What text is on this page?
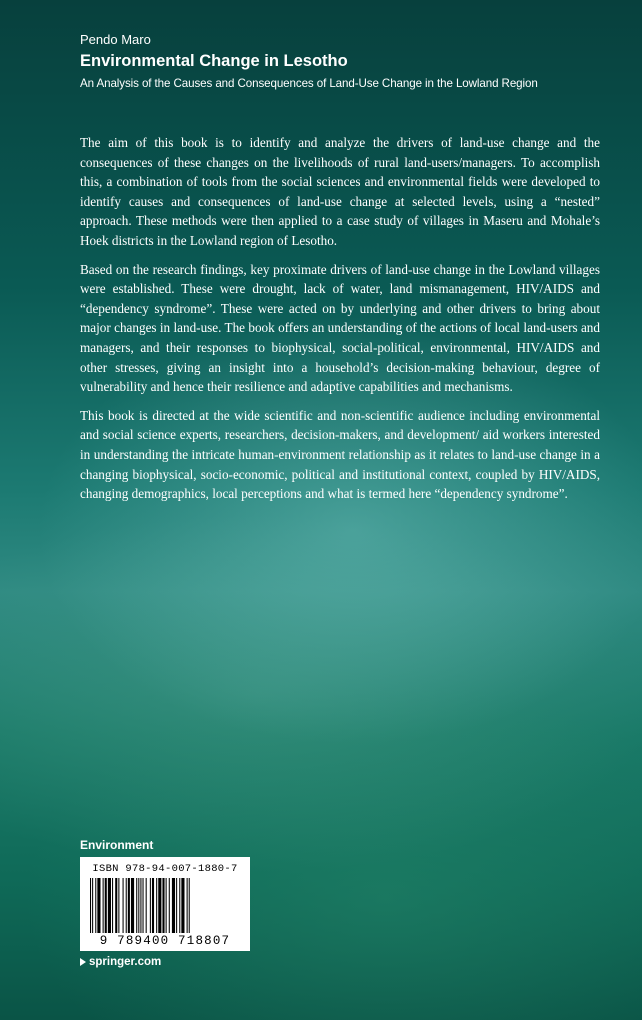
Pendo Maro
Environmental Change in Lesotho
An Analysis of the Causes and Consequences of Land-Use Change in the Lowland Region

The aim of this book is to identify and analyze the drivers of land-use change and the consequences of these changes on the livelihoods of rural land-users/managers. To accomplish this, a combination of tools from the social sciences and environmental fields were developed to identify causes and consequences of land-use change at selected levels, using a “nested” approach. These methods were then applied to a case study of villages in Maseru and Mohale’s Hoek districts in the Lowland region of Lesotho.

Based on the research findings, key proximate drivers of land-use change in the Lowland villages were established. These were drought, lack of water, land mismanagement, HIV/AIDS and “dependency syndrome”. These were acted on by underlying and other drivers to bring about major changes in land-use. The book offers an understanding of the actions of local land-users and managers, and their responses to biophysical, social-political, environmental, HIV/AIDS and other stresses, giving an insight into a household’s decision-making behaviour, degree of vulnerability and hence their resilience and adaptive capabilities and mechanisms.

This book is directed at the wide scientific and non-scientific audience including environmental and social science experts, researchers, decision-makers, and development/ aid workers interested in understanding the intricate human-environment relationship as it relates to land-use change in a changing biophysical, socio-economic, political and institutional context, coupled by HIV/AIDS, changing demographics, local perceptions and what is termed here “dependency syndrome”.

Environment
ISBN 978-94-007-1880-7
9 789400 718807
springer.com
